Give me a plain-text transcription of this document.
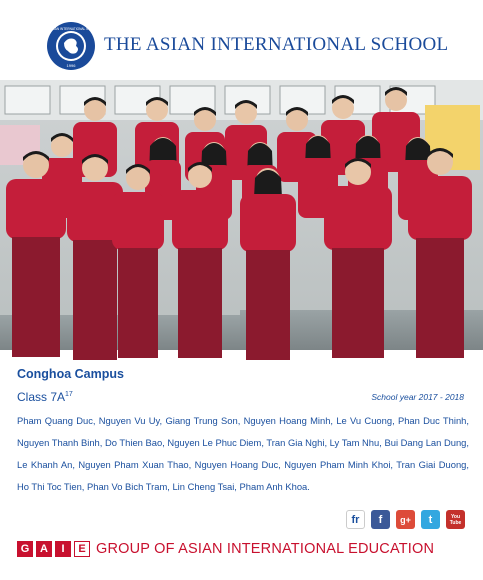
THE ASIAN INTERNATIONAL SCHOOL
1996
THE ASIAN INTERNATIONAL SCHOOL
Conghoa Campus
Class $7A^{17}$	School year 2017 - 2018
Pham Quang Duc, Nguyen Vu Uy, Giang Trung Son, Nguyen Hoang Minh, Le Vu Cuong, Phan Duc Thinh, Nguyen Thanh Binh, Do Thien Bao, Nguyen Le Phuc Diem, Tran Gia Nghi, Ly Tam Nhu, Bui Dang Lan Dung, Le Khanh An, Nguyen Pham Xuan Thao, Nguyen Hoang Duc, Nguyen Pham Minh Khoi, Tran Giai Duong, Ho Thi Toc Tien, Phan Vo Bich Tram, Lin Cheng Tsai, Pham Anh Khoa.
fr f g+ t	You Tube
G A	I	E GROUP OF ASIAN INTERNATIONAL EDUCATION
